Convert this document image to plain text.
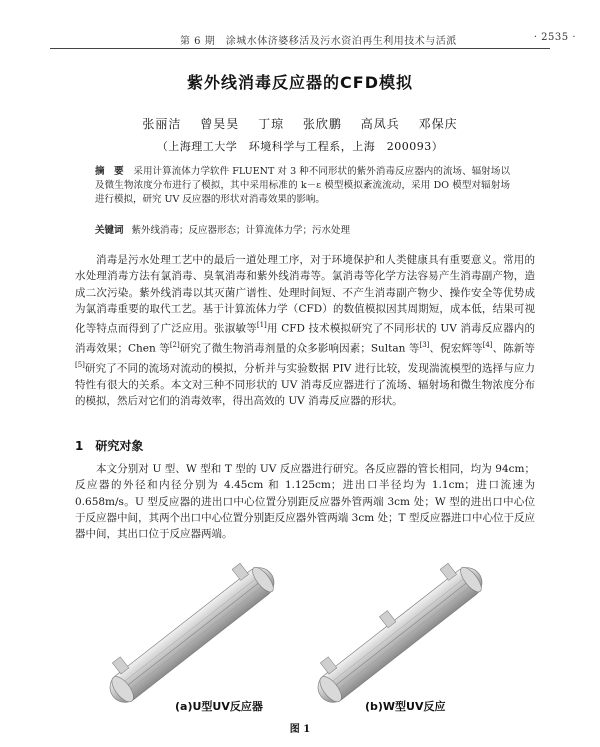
第 6 期　涂城水体济婆移活及污水资泊再生利用技术与活派	· 2535 ·
紫外线消毒反应器的CFD模拟
张丽洁 曾昊昊 丁琼 张欣鹏 高凤兵 邓保庆
（上海理工大学　环境科学与工程系，上海　200093）
摘　要　 采用计算流体力学软件 FLUENT 对 3 种不同形状的紫外消毒反应器内的流场、辐射场以及微生物浓度分布进行了模拟，其中采用标准的 k－ε 模型模拟紊流流动，采用 DO 模型对辐射场进行模拟，研究 UV 反应器的形状对消毒效果的影响。
关键词 紫外线消毒；反应器形态；计算流体力学；污水处理
消毒是污水处理工艺中的最后一道处理工序，对于环境保护和人类健康具有重要意义。常用的水处理消毒方法有氯消毒、臭氧消毒和紫外线消毒等。氯消毒等化学方法容易产生消毒副产物，造成二次污染。紫外线消毒以其灭菌广谱性、处理时间短、不产生消毒副产物少、操作安全等优势成为氯消毒重要的取代工艺。基于计算流体力学（CFD）的数值模拟因其周期短，成本低，结果可视化等特点而得到了广泛应用。张淑敏等[1]用 CFD 技术模拟研究了不同形状的 UV 消毒反应器内的消毒效果；Chen 等[2]研究了微生物消毒剂量的众多影响因素；Sultan 等[3]、倪宏辉等[4]、陈新等[5]研究了不同的流场对流动的模拟，分析并与实验数据 PIV 进行比较，发现湍流模型的选择与应力特性有很大的关系。本文对三种不同形状的 UV 消毒反应器进行了流场、辐射场和微生物浓度分布的模拟，然后对它们的消毒效率，得出高效的 UV 消毒反应器的形状。
1 研究对象
本文分别对 U 型、W 型和 T 型的 UV 反应器进行研究。各反应器的管长相同，均为 94cm；反应器的外径和内径分别为 4.45cm 和 1.125cm；进出口半径均为 1.1cm；进口流速为 0.658m/s。U 型反应器的进出口中心位置分别距反应器外管两端 3cm 处；W 型的进出口中心位于反应器中间，其两个出口中心位置分别距反应器外管两端 3cm 处；T 型反应器进口中心位于反应器中间，其出口位于反应器两端。
(a)U型UV反应器	(b)W型UV反应
图 1
